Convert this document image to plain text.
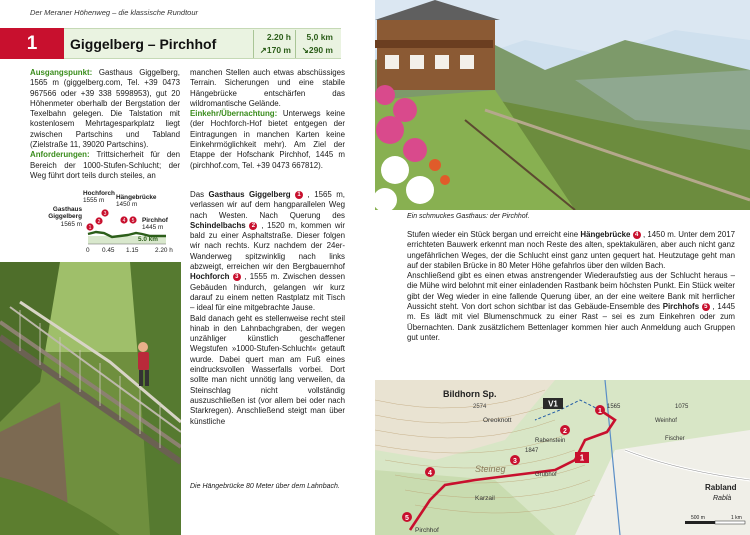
Der Meraner Höhenweg – die klassische Rundtour
1	Giggelberg – Pirchhof	2.20 h	5,0 km
↗170 m	↘290 m

Ausgangspunkt: Gasthaus Giggelberg, 1565 m (giggelberg.com, Tel. +39 0473 967566 oder +39 338 5998953), gut 20 Höhenmeter oberhalb der Bergstation der Texelbahn gelegen. Die Talstation mit kostenlosem Mehrtagesparkplatz liegt zwischen Partschins und Tabland (Zielstraße 11, 39020 Partschins).

Anforderungen: Trittsicherheit für den Bereich der 1000-Stufen-Schlucht; der Weg führt dort teils durch steiles, an

manchen Stellen auch etwas abschüssiges Terrain. Sicherungen und eine stabile Hängebrücke entschärfen das wildromantische Gelände.

Einkehr/Übernachtung: Unterwegs keine (der Hochforch-Hof bietet entgegen der Eintragungen in manchen Karten keine Einkehrmöglichkeit mehr). Am Ziel der Etappe der Hofschank Pirchhof, 1445 m (pirchhof.com, Tel. +39 0473 667812).

1
2
3
4 5
Hochforch
1555 m
Gasthaus Giggelberg
1565 m
Hängebrücke
1450 m
Pirchhof
1445 m
5.0 km
0 0.45 1.15	2.20 h

Das Gasthaus Giggelberg 1 , 1565 m, verlassen wir auf dem hangparallelen Weg nach Westen. Nach Querung des Schindelbachs 2 , 1520 m, kommen wir bald zu einer Asphaltstraße. Dieser folgen wir nach rechts. Kurz nachdem der 24er-Wanderweg spitzwinklig nach links abzweigt, erreichen wir den Bergbauernhof Hochforch 3 , 1555 m. Zwischen dessen Gebäuden hindurch, gelangen wir kurz darauf zu einem netten Rastplatz mit Tisch – ideal für eine mitgebrachte Jause.

Bald danach geht es stellenweise recht steil hinab in den Lahnbachgraben, der wegen unzähliger künstlich geschaffener Wegstufen »1000-Stufen-Schlucht« getauft wurde. Dabei quert man am Fuß eines eindrucksvollen Wasserfalls vorbei. Dort sollte man nicht unnötig lang verweilen, da Steinschlag nicht vollständig auszuschließen ist (vor allem bei oder nach Starkregen). Anschließend steigt man über künstliche

Die Hängebrücke 80 Meter über dem Lahnbach.
Ein schmuckes Gasthaus: der Pirchhof.

Stufen wieder ein Stück bergan und erreicht eine Hängebrücke 4 , 1450 m. Unter dem 2017 errichteten Bauwerk erkennt man noch Reste des alten, spektakulären, aber auch nicht ganz ungefährlichen Weges, der die Schlucht einst ganz unten gequert hat. Heutzutage geht man auf der stabilen Brücke in 80 Meter Höhe gefahrlos über den wilden Bach.

Anschließend gibt es einen etwas anstrengender Wiederaufstieg aus der Schlucht heraus – die Mühe wird belohnt mit einer einladenden Rastbank beim höchsten Punkt. Ein Stück weiter gibt der Weg wieder in eine fallende Querung über, an der eine weitere Bank mit herrlicher Aussicht steht. Von dort schon sichtbar ist das Gebäude-Ensemble des Pirchhofs 5 , 1445 m. Es lädt mit viel Blumenschmuck zu einer Rast – sei es zum Einkehren oder zum Übernachten. Dank zusätzlichem Bettenlager kommen hier auch Anmeldung auch Gruppen gut unter.

V1
1
1
2
3
4
5
Bildhorn Sp.
2574
Oreoknott
Rabenstein
Steineg
Grubhof
Karzail
Pirchhof
Rabland
Rablà
Fischer
Weinhof
1565
1847
1075
500 m	1 km
